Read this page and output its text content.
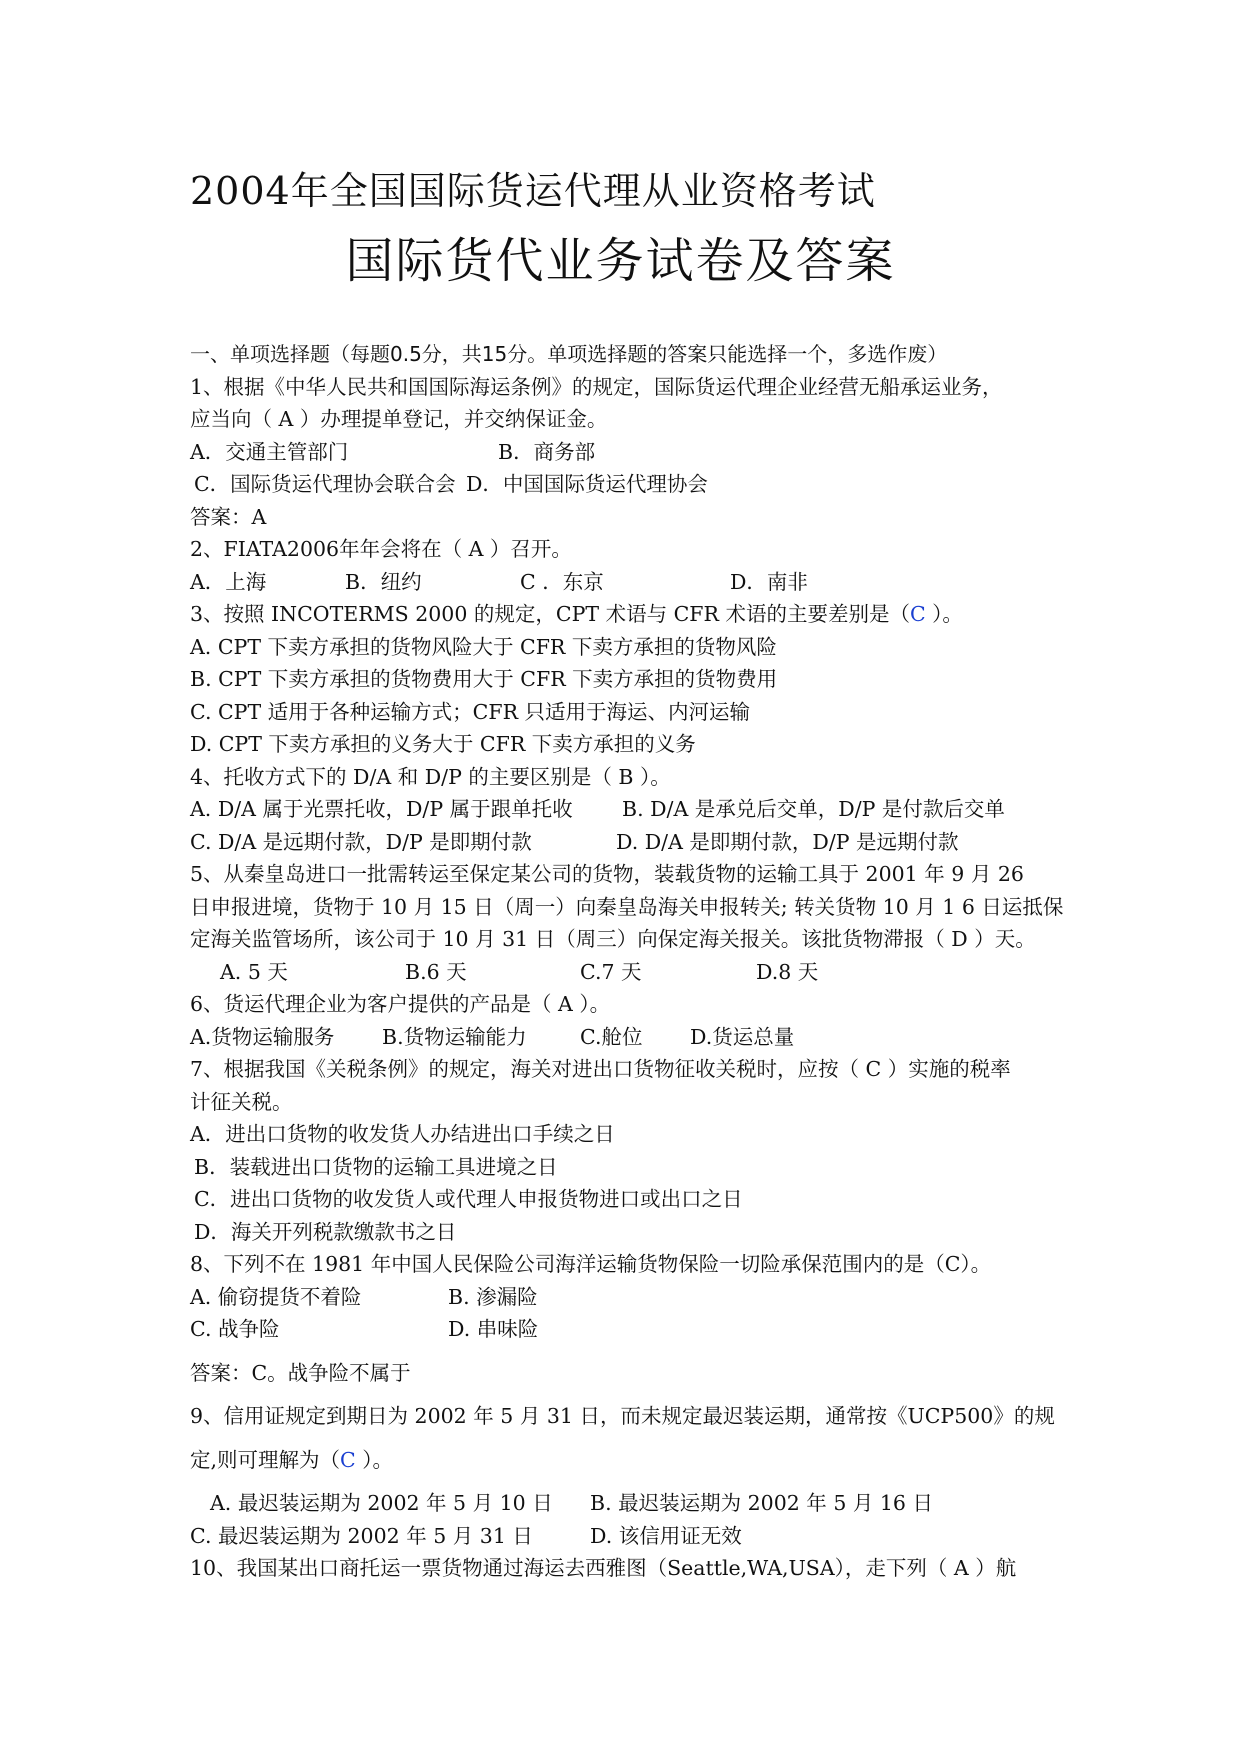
2004年全国国际货运代理从业资格考试
国际货代业务试卷及答案
一、单项选择题（每题0.5分，共15分。单项选择题的答案只能选择一个，多选作废）
1、根据《中华人民共和国国际海运条例》的规定，国际货运代理企业经营无船承运业务，
应当向（ A ）办理提单登记，并交纳保证金。
A．交通主管部门	B．商务部
C．国际货运代理协会联合会 D．中国国际货运代理协会
答案：A
2、FIATA2006年年会将在（ A ）召开。
A．上海	B．纽约	C ．东京	D．南非
3、按照 INCOTERMS 2000 的规定，CPT 术语与 CFR 术语的主要差别是（C ）。
A. CPT 下卖方承担的货物风险大于 CFR 下卖方承担的货物风险
B. CPT 下卖方承担的货物费用大于 CFR 下卖方承担的货物费用
C. CPT 适用于各种运输方式；CFR 只适用于海运、内河运输
D. CPT 下卖方承担的义务大于 CFR 下卖方承担的义务
4、托收方式下的 D/A 和 D/P 的主要区别是（ B ）。
A. D/A 属于光票托收，D/P 属于跟单托收 B. D/A 是承兑后交单，D/P 是付款后交单
C. D/A 是远期付款，D/P 是即期付款	D. D/A 是即期付款，D/P 是远期付款
5、从秦皇岛进口一批需转运至保定某公司的货物，装载货物的运输工具于 2001 年 9 月 26
日申报进境，货物于 10 月 15 日（周一）向秦皇岛海关申报转关; 转关货物 10 月 1 6 日运抵保
定海关监管场所，该公司于 10 月 31 日（周三）向保定海关报关。该批货物滞报（ D ）天。
A. 5 天	B.6 天	C.7 天	D.8 天
6、货运代理企业为客户提供的产品是（ A ）。
A.货物运输服务 B.货物运输能力	C.舱位 D.货运总量
7、根据我国《关税条例》的规定，海关对进出口货物征收关税时，应按（ C ）实施的税率
计征关税。
A．进出口货物的收发货人办结进出口手续之日
B．装载进出口货物的运输工具进境之日
C．进出口货物的收发货人或代理人申报货物进口或出口之日
D．海关开列税款缴款书之日
8、下列不在 1981 年中国人民保险公司海洋运输货物保险一切险承保范围内的是（C）。
A. 偷窃提货不着险	B. 渗漏险
C. 战争险	D. 串味险
答案：C。战争险不属于
9、信用证规定到期日为 2002 年 5 月 31 日，而未规定最迟装运期，通常按《UCP500》的规
定,则可理解为（C ）。
A. 最迟装运期为 2002 年 5 月 10 日 B. 最迟装运期为 2002 年 5 月 16 日
C. 最迟装运期为 2002 年 5 月 31 日	D. 该信用证无效
10、我国某出口商托运一票货物通过海运去西雅图（Seattle,WA,USA），走下列（ A ）航
